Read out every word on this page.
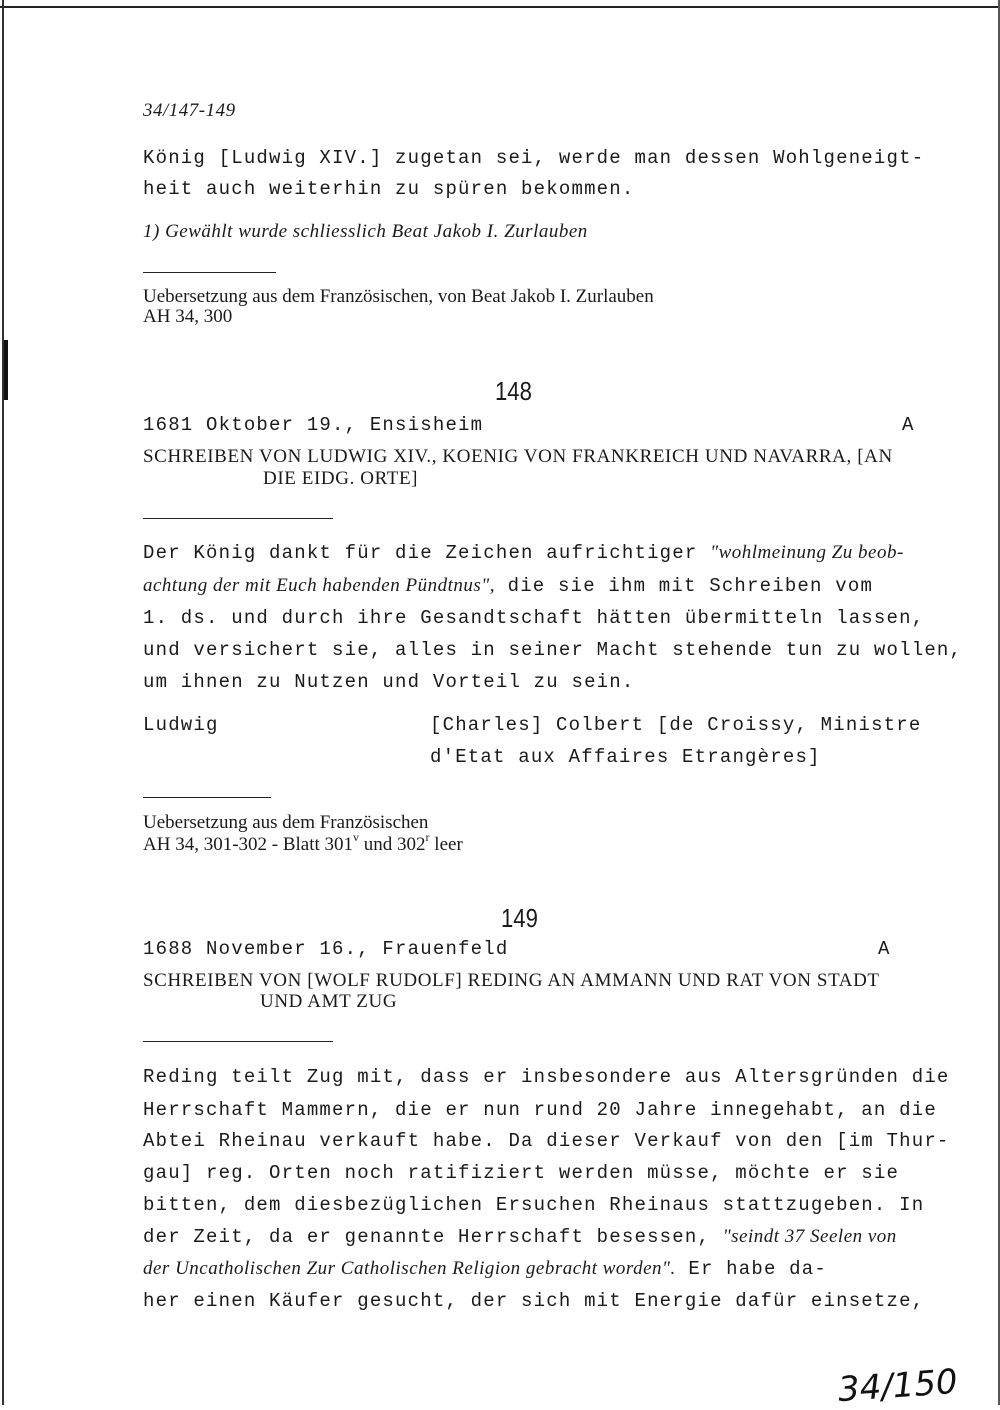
34/147-149
König [Ludwig XIV.] zugetan sei, werde man dessen Wohlgeneigt-
heit auch weiterhin zu spüren bekommen.
1) Gewählt wurde schliesslich Beat Jakob I. Zurlauben
Uebersetzung aus dem Französischen, von Beat Jakob I. Zurlauben
AH 34, 300
148
1681 Oktober 19., Ensisheim	A
SCHREIBEN VON LUDWIG XIV., KOENIG VON FRANKREICH UND NAVARRA, [AN
DIE EIDG. ORTE]
Der König dankt für die Zeichen aufrichtiger "wohlmeinung Zu beob-
achtung der mit Euch habenden Pündtnus", die sie ihm mit Schreiben vom
1. ds. und durch ihre Gesandtschaft hätten übermitteln lassen,
und versichert sie, alles in seiner Macht stehende tun zu wollen,
um ihnen zu Nutzen und Vorteil zu sein.
Ludwig	[Charles] Colbert [de Croissy, Ministre
d'Etat aux Affaires Etrangères]
Uebersetzung aus dem Französischen
AH 34, 301-302 - Blatt 301$^v$ und 302$^r$ leer
149
1688 November 16., Frauenfeld	A
SCHREIBEN VON [WOLF RUDOLF] REDING AN AMMANN UND RAT VON STADT
UND AMT ZUG
Reding teilt Zug mit, dass er insbesondere aus Altersgründen die
Herrschaft Mammern, die er nun rund 20 Jahre innegehabt, an die
Abtei Rheinau verkauft habe. Da dieser Verkauf von den [im Thur-
gau] reg. Orten noch ratifiziert werden müsse, möchte er sie
bitten, dem diesbezüglichen Ersuchen Rheinaus stattzugeben. In
der Zeit, da er genannte Herrschaft besessen, "seindt 37 Seelen von
der Uncatholischen Zur Catholischen Religion gebracht worden". Er habe da-
her einen Käufer gesucht, der sich mit Energie dafür einsetze,
34/150
